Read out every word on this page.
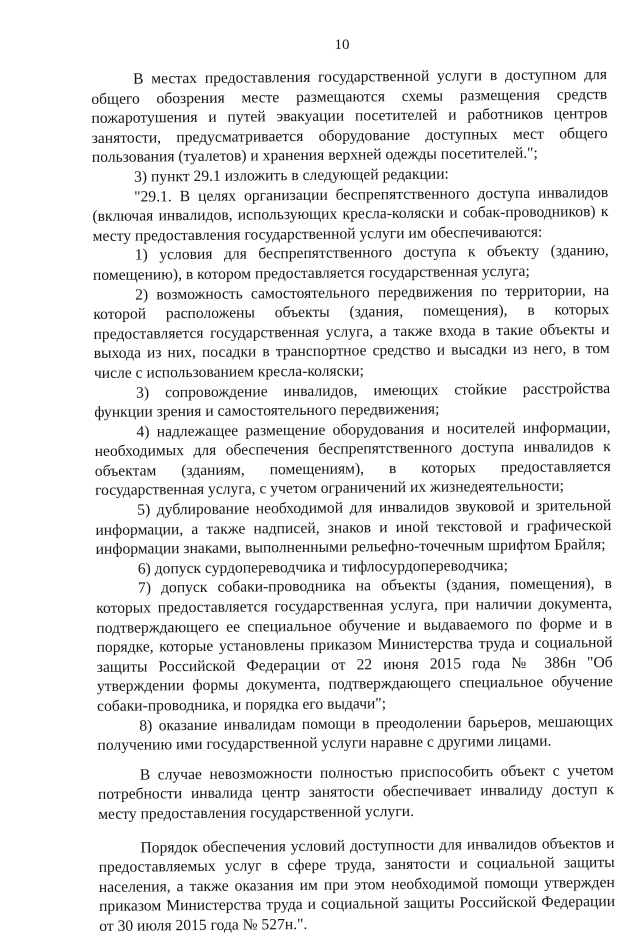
10

В местах предоставления государственной услуги в доступном для общего обозрения месте размещаются схемы размещения средств пожаротушения и путей эвакуации посетителей и работников центров занятости, предусматривается оборудование доступных мест общего пользования (туалетов) и хранения верхней одежды посетителей.";

3) пункт 29.1 изложить в следующей редакции:

"29.1. В целях организации беспрепятственного доступа инвалидов (включая инвалидов, использующих кресла-коляски и собак-проводников) к месту предоставления государственной услуги им обеспечиваются:

1) условия для беспрепятственного доступа к объекту (зданию, помещению), в котором предоставляется государственная услуга;

2) возможность самостоятельного передвижения по территории, на которой расположены объекты (здания, помещения), в которых предоставляется государственная услуга, а также входа в такие объекты и выхода из них, посадки в транспортное средство и высадки из него, в том числе с использованием кресла-коляски;

3) сопровождение инвалидов, имеющих стойкие расстройства функции зрения и самостоятельного передвижения;

4) надлежащее размещение оборудования и носителей информации, необходимых для обеспечения беспрепятственного доступа инвалидов к объектам (зданиям, помещениям), в которых предоставляется государственная услуга, с учетом ограничений их жизнедеятельности;

5) дублирование необходимой для инвалидов звуковой и зрительной информации, а также надписей, знаков и иной текстовой и графической информации знаками, выполненными рельефно-точечным шрифтом Брайля;

6) допуск сурдопереводчика и тифлосурдопереводчика;

7) допуск собаки-проводника на объекты (здания, помещения), в которых предоставляется государственная услуга, при наличии документа, подтверждающего ее специальное обучение и выдаваемого по форме и в порядке, которые установлены приказом Министерства труда и социальной защиты Российской Федерации от 22 июня 2015 года № 386н "Об утверждении формы документа, подтверждающего специальное обучение собаки-проводника, и порядка его выдачи";

8) оказание инвалидам помощи в преодолении барьеров, мешающих получению ими государственной услуги наравне с другими лицами.

В случае невозможности полностью приспособить объект с учетом потребности инвалида центр занятости обеспечивает инвалиду доступ к месту предоставления государственной услуги.

Порядок обеспечения условий доступности для инвалидов объектов и предоставляемых услуг в сфере труда, занятости и социальной защиты населения, а также оказания им при этом необходимой помощи утвержден приказом Министерства труда и социальной защиты Российской Федерации от 30 июля 2015 года № 527н.".
